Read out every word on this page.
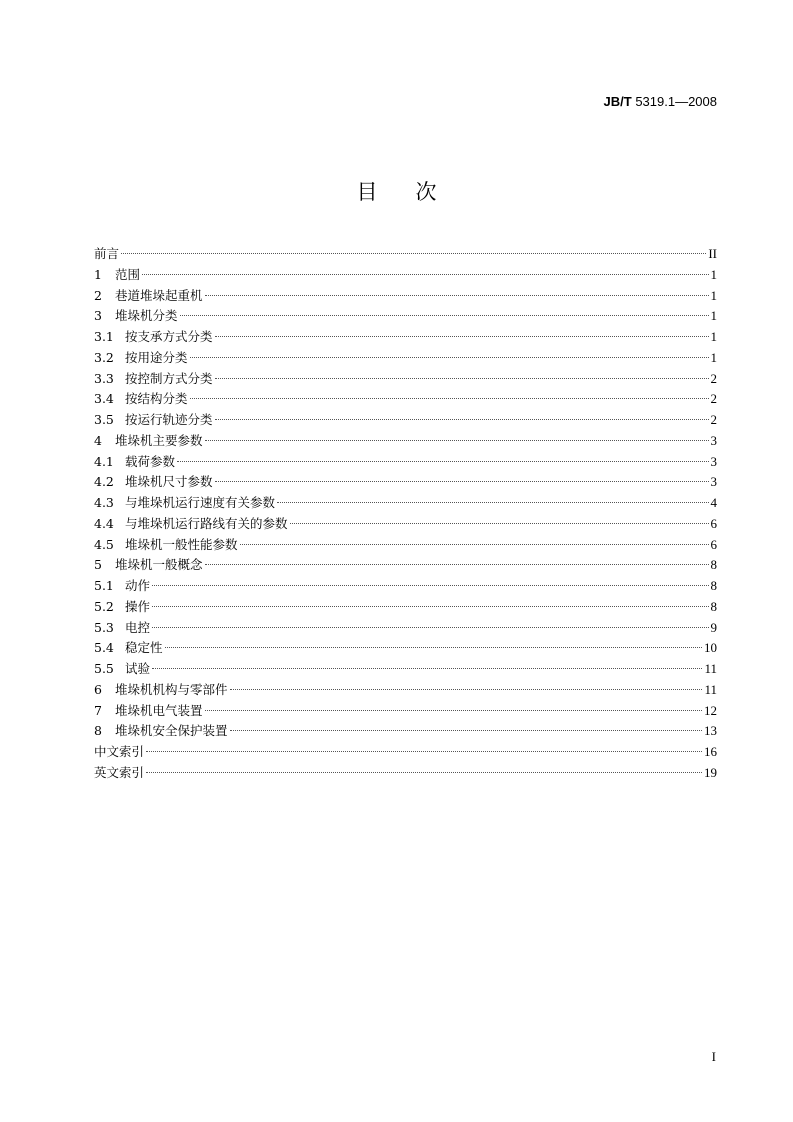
JB/T 5319.1—2008
目次
前言	II
1	范围	1
2	巷道堆垛起重机	1
3	堆垛机分类	1
3.1 按支承方式分类	1
3.2 按用途分类	1
3.3 按控制方式分类	2
3.4 按结构分类	2
3.5 按运行轨迹分类	2
4	堆垛机主要参数	3
4.1 载荷参数	3
4.2 堆垛机尺寸参数	3
4.3 与堆垛机运行速度有关参数	4
4.4 与堆垛机运行路线有关的参数	6
4.5 堆垛机一般性能参数	6
5	堆垛机一般概念	8
5.1 动作	8
5.2 操作	8
5.3 电控	9
5.4 稳定性	10
5.5 试验	11
6	堆垛机机构与零部件	11
7	堆垛机电气装置	12
8	堆垛机安全保护装置	13
中文索引	16
英文索引	19
I
